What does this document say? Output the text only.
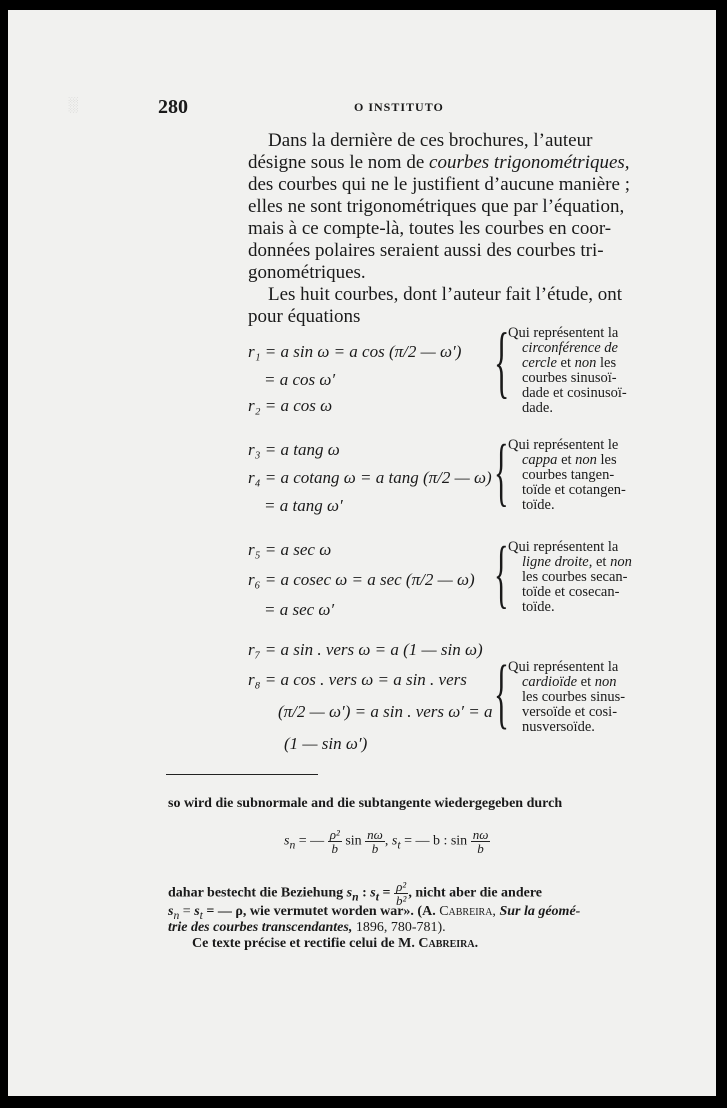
░	280	O INSTITUTO
Dans la dernière de ces brochures, l’auteur
désigne sous le nom de courbes trigonométriques,
des courbes qui ne le justifient d’aucune manière ;
elles ne sont trigonométriques que par l’équation,
mais à ce compte-là, toutes les courbes en coor-
données polaires seraient aussi des courbes tri-
gonométriques.
Les huit courbes, dont l’auteur fait l’étude, ont
pour équations
r₁ = a sin ω = a cos (π/2 — ω′)
= a cos ω′
r₂ = a cos ω {
Qui représentent la
circonférence de
cercle et non les
courbes sinusoï-
dade et cosinusoï-
dade.
r₃ = a tang ω
r₄ = a cotang ω = a tang (π/2 — ω)
= a tang ω′ { Qui représentent le
cappa et non les
courbes tangen-
toïde et cotangen-
toïde.
r₅ = a sec ω
r₆ = a cosec ω = a sec (π/2 — ω)
= a sec ω′ { Qui représentent la
ligne droite, et non
les courbes secan-
toïde et cosecan-
toïde.
r₇ = a sin . vers ω = a (1 — sin ω)
r₈ = a cos . vers ω = a sin . vers
(π/2 — ω′) = a sin . vers ω′ = a
(1 — sin ω′)
{ Qui représentent la
cardioïde et non
les courbes sinus-
versoïde et cosi-
nusversoïde.
so wird die subnormale and die subtangente wiedergegeben durch
$s_n$ = — $\frac{\text{ρ²}}{b}$ $\sin \frac{n\omega}{b}$ , $s_t$ = — b : $\sin \frac{n\omega}{b}$
dahar bestecht die Beziehung $s_n$ : $s_t = \frac{\text{ρ²}}{\text{b²}}$ , nicht aber die andere
$s_n = s_t$ = — ρ, wie vermutet worden war». (A. Cabreira, Sur la géomé-
trie des courbes transcendantes, 1896, 780-781).
Ce texte précise et rectifie celui de M. Cabreira.
